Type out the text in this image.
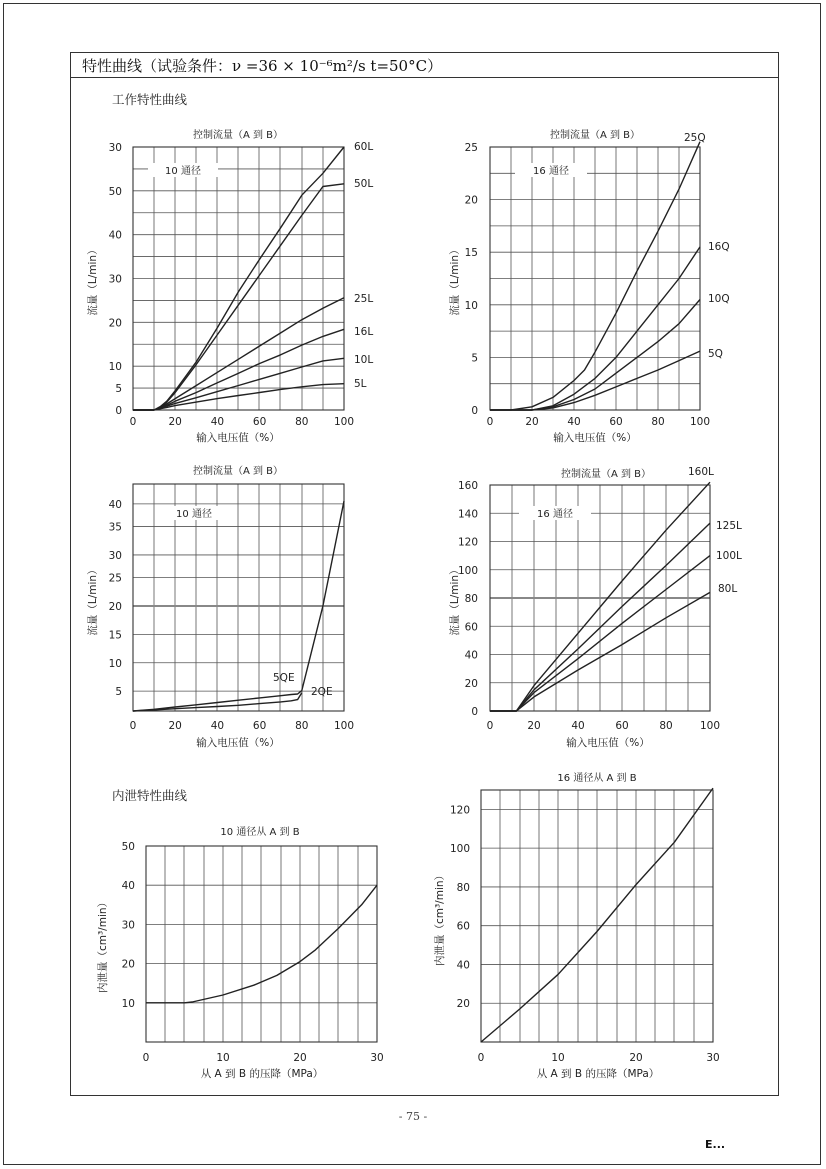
特性曲线（试验条件：ν =36 × 10⁻⁶m²/s t=50°C）
工作特性曲线
内泄特性曲线
10 通径
控制流量（A 到 B）
0	20	40	60	80 100
0
5
10
20
30
40
50
30
输入电压值（%）
流量（L/min）
60L
50L
25L
16L
10L
5L
16 通径
控制流量（A 到 B）
0	20	40	60	80 100
0
5
10
15
20
25
输入电压值（%）
流量（L/min）
25Q
16Q
10Q
5Q
10 通径
控制流量（A 到 B）
0	20	40	60	80 100
5
10
15
20
25
30
35
40
输入电压值（%）
流量（L/min）
5QE
2QE
16 通径
控制流量（A 到 B）
0	20	40	60	80	100
0
20
40
60
80
100
120
140
160
输入电压值（%）
流量（L/min）
160L
125L
100L
80L
10 通径从 A 到 B
0	10	20	30
10
20
30
40
50
从 A 到 B 的压降（MPa）
内泄量（cm³/min）
16 通径从 A 到 B
0	10	20	30
20
40
60
80
100
120
从 A 到 B 的压降（MPa）
内泄量（cm³/min）
- 75 -
E...
